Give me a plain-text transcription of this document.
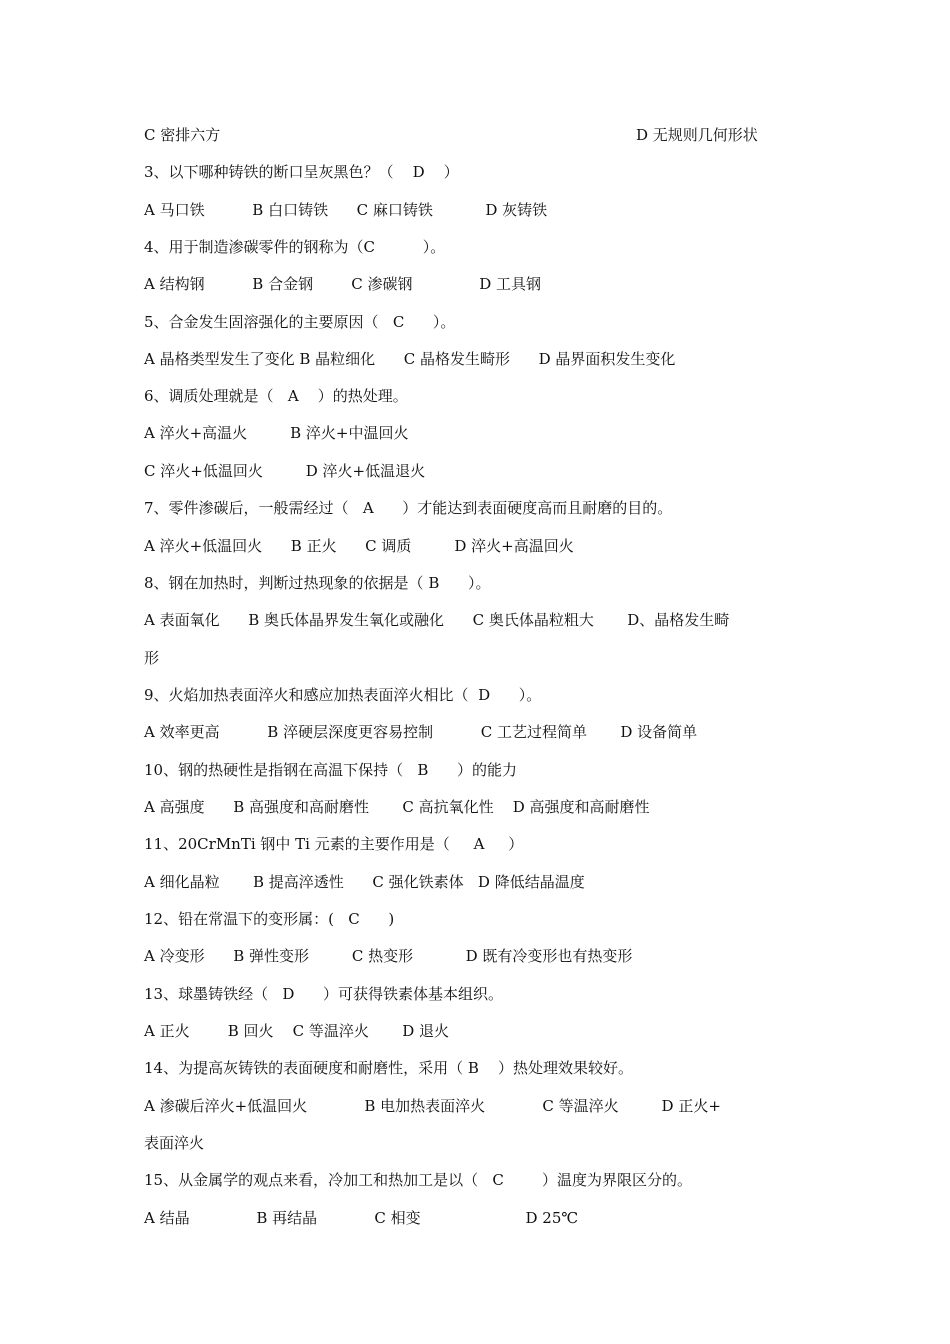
C 密排六方	D 无规则几何形状
3、以下哪种铸铁的断口呈灰黑色？（    D    ）
A 马口铁          B 白口铸铁      C 麻口铸铁           D 灰铸铁
4、用于制造渗碳零件的钢称为（C          ）。
A 结构钢          B 合金钢        C 渗碳钢              D 工具钢
5、合金发生固溶强化的主要原因（   C      ）。
A 晶格类型发生了变化 B 晶粒细化      C 晶格发生畸形      D 晶界面积发生变化
6、调质处理就是（   A    ）的热处理。
A 淬火+高温火         B 淬火+中温回火
C 淬火+低温回火         D 淬火+低温退火
7、零件渗碳后，一般需经过（   A      ）才能达到表面硬度高而且耐磨的目的。
A 淬火+低温回火      B 正火      C 调质         D 淬火+高温回火
8、钢在加热时，判断过热现象的依据是（ B      ）。
A 表面氧化      B 奥氏体晶界发生氧化或融化      C 奥氏体晶粒粗大       D、晶格发生畸
形
9、火焰加热表面淬火和感应加热表面淬火相比（  D      ）。
A 效率更高          B 淬硬层深度更容易控制          C 工艺过程简单       D 设备简单
10、钢的热硬性是指钢在高温下保持（   B      ）的能力
A 高强度      B 高强度和高耐磨性       C 高抗氧化性    D 高强度和高耐磨性
11、20CrMnTi 钢中 Ti 元素的主要作用是（     A     ）
A 细化晶粒       B 提高淬透性      C 强化铁素体   D 降低结晶温度
12、铅在常温下的变形属：(   C      )
A 冷变形      B 弹性变形         C 热变形           D 既有冷变形也有热变形
13、球墨铸铁经（   D      ）可获得铁素体基本组织。
A 正火        B 回火    C 等温淬火       D 退火
14、为提高灰铸铁的表面硬度和耐磨性，采用（ B    ）热处理效果较好。
A 渗碳后淬火+低温回火            B 电加热表面淬火            C 等温淬火         D 正火+
表面淬火
15、从金属学的观点来看，冷加工和热加工是以（   C        ）温度为界限区分的。
A 结晶              B 再结晶            C 相变                      D 25℃
